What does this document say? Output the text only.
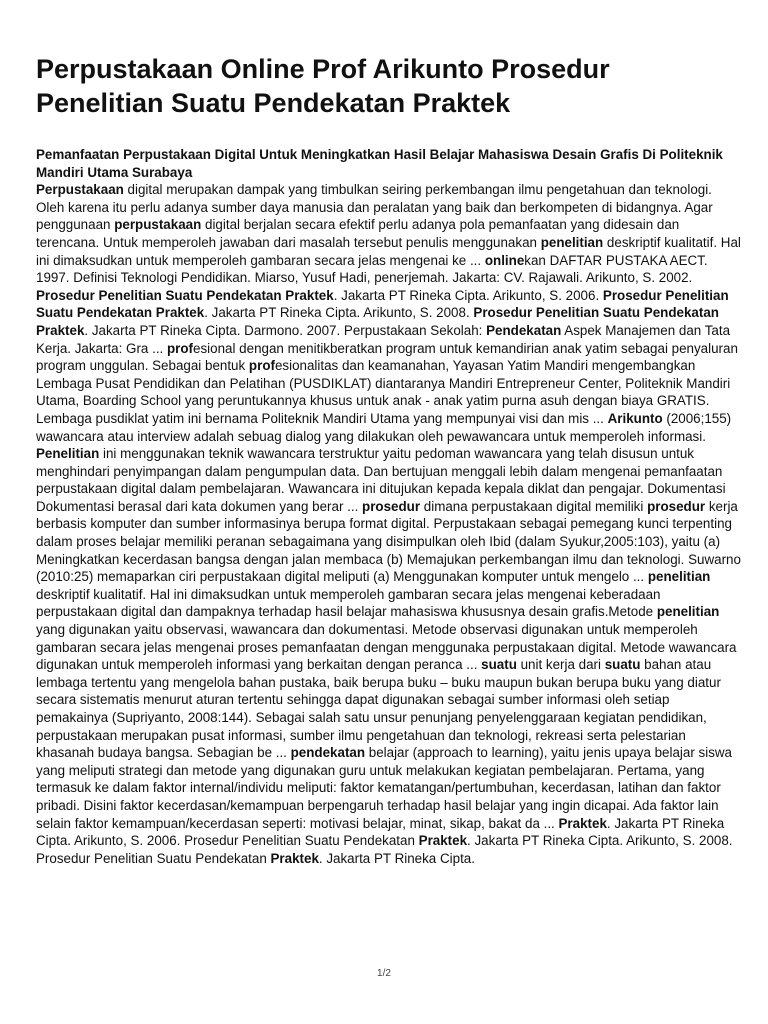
Perpustakaan Online Prof Arikunto Prosedur Penelitian Suatu Pendekatan Praktek
Pemanfaatan Perpustakaan Digital Untuk Meningkatkan Hasil Belajar Mahasiswa Desain Grafis Di Politeknik Mandiri Utama Surabaya

Perpustakaan digital merupakan dampak yang timbulkan seiring perkembangan ilmu pengetahuan dan teknologi. Oleh karena itu perlu adanya sumber daya manusia dan peralatan yang baik dan berkompeten di bidangnya. Agar penggunaan perpustakaan digital berjalan secara efektif perlu adanya pola pemanfaatan yang didesain dan terencana. Untuk memperoleh jawaban dari masalah tersebut penulis menggunakan penelitian deskriptif kualitatif. Hal ini dimaksudkan untuk memperoleh gambaran secara jelas mengenai ke ... onlinekan DAFTAR PUSTAKA AECT. 1997. Definisi Teknologi Pendidikan. Miarso, Yusuf Hadi, penerjemah. Jakarta: CV. Rajawali. Arikunto, S. 2002. Prosedur Penelitian Suatu Pendekatan Praktek. Jakarta PT Rineka Cipta. Arikunto, S. 2006. Prosedur Penelitian Suatu Pendekatan Praktek. Jakarta PT Rineka Cipta. Arikunto, S. 2008. Prosedur Penelitian Suatu Pendekatan Praktek. Jakarta PT Rineka Cipta. Darmono. 2007. Perpustakaan Sekolah: Pendekatan Aspek Manajemen dan Tata Kerja. Jakarta: Gra ... profesional dengan menitikberatkan program untuk kemandirian anak yatim sebagai penyaluran program unggulan. Sebagai bentuk profesionalitas dan keamanahan, Yayasan Yatim Mandiri mengembangkan Lembaga Pusat Pendidikan dan Pelatihan (PUSDIKLAT) diantaranya Mandiri Entrepreneur Center, Politeknik Mandiri Utama, Boarding School yang peruntukannya khusus untuk anak - anak yatim purna asuh dengan biaya GRATIS. Lembaga pusdiklat yatim ini bernama Politeknik Mandiri Utama yang mempunyai visi dan mis ... Arikunto (2006;155) wawancara atau interview adalah sebuag dialog yang dilakukan oleh pewawancara untuk memperoleh informasi. Penelitian ini menggunakan teknik wawancara terstruktur yaitu pedoman wawancara yang telah disusun untuk menghindari penyimpangan dalam pengumpulan data. Dan bertujuan menggali lebih dalam mengenai pemanfaatan perpustakaan digital dalam pembelajaran. Wawancara ini ditujukan kepada kepala diklat dan pengajar. Dokumentasi Dokumentasi berasal dari kata dokumen yang berar ... prosedur dimana perpustakaan digital memiliki prosedur kerja berbasis komputer dan sumber informasinya berupa format digital. Perpustakaan sebagai pemegang kunci terpenting dalam proses belajar memiliki peranan sebagaimana yang disimpulkan oleh Ibid (dalam Syukur,2005:103), yaitu (a) Meningkatkan kecerdasan bangsa dengan jalan membaca (b) Memajukan perkembangan ilmu dan teknologi. Suwarno (2010:25) memaparkan ciri perpustakaan digital meliputi (a) Menggunakan komputer untuk mengelo ... penelitian deskriptif kualitatif. Hal ini dimaksudkan untuk memperoleh gambaran secara jelas mengenai keberadaan perpustakaan digital dan dampaknya terhadap hasil belajar mahasiswa khususnya desain grafis.Metode penelitian yang digunakan yaitu observasi, wawancara dan dokumentasi. Metode observasi digunakan untuk memperoleh gambaran secara jelas mengenai proses pemanfaatan dengan menggunaka perpustakaan digital. Metode wawancara digunakan untuk memperoleh informasi yang berkaitan dengan peranca ... suatu unit kerja dari suatu bahan atau lembaga tertentu yang mengelola bahan pustaka, baik berupa buku – buku maupun bukan berupa buku yang diatur secara sistematis menurut aturan tertentu sehingga dapat digunakan sebagai sumber informasi oleh setiap pemakainya (Supriyanto, 2008:144). Sebagai salah satu unsur penunjang penyelenggaraan kegiatan pendidikan, perpustakaan merupakan pusat informasi, sumber ilmu pengetahuan dan teknologi, rekreasi serta pelestarian khasanah budaya bangsa. Sebagian be ... pendekatan belajar (approach to learning), yaitu jenis upaya belajar siswa yang meliputi strategi dan metode yang digunakan guru untuk melakukan kegiatan pembelajaran. Pertama, yang termasuk ke dalam faktor internal/individu meliputi: faktor kematangan/pertumbuhan, kecerdasan, latihan dan faktor pribadi. Disini faktor kecerdasan/kemampuan berpengaruh terhadap hasil belajar yang ingin dicapai. Ada faktor lain selain faktor kemampuan/kecerdasan seperti: motivasi belajar, minat, sikap, bakat da ... Praktek. Jakarta PT Rineka Cipta. Arikunto, S. 2006. Prosedur Penelitian Suatu Pendekatan Praktek. Jakarta PT Rineka Cipta. Arikunto, S. 2008. Prosedur Penelitian Suatu Pendekatan Praktek. Jakarta PT Rineka Cipta.

1/2
